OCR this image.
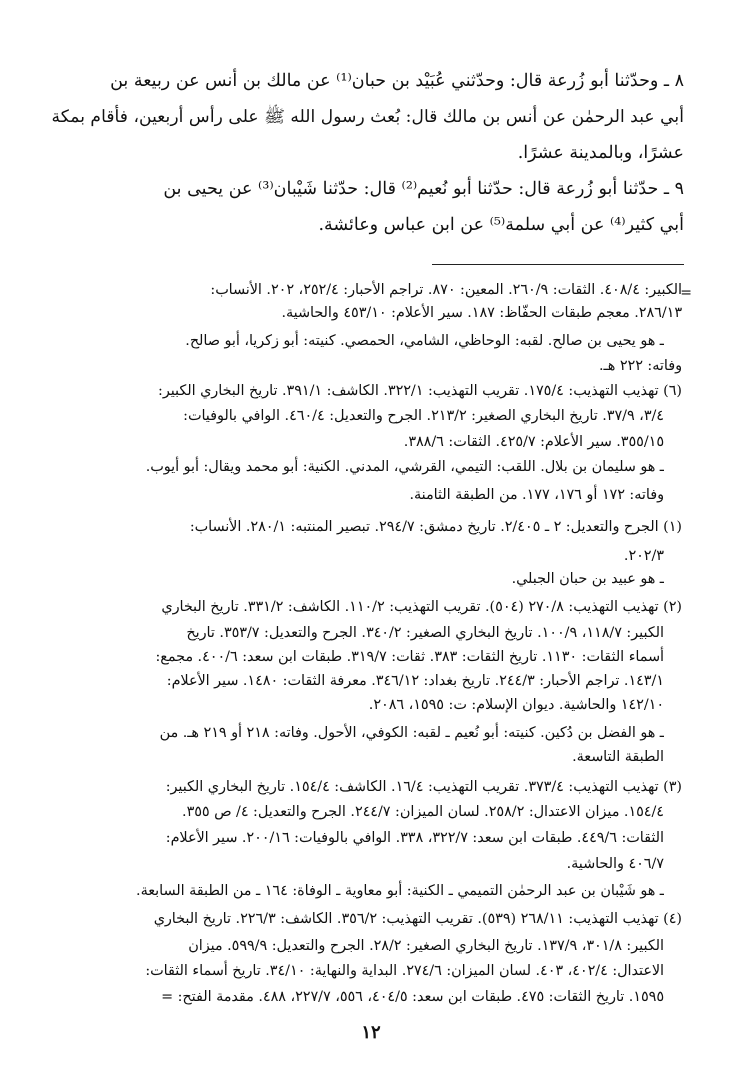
٨ ـ وحدّثنا أبو زُرعة قال: وحدّثني عُبَيْد بن حبان⁽¹⁾ عن مالك بن أنس عن ربيعة بن
أبي عبد الرحمٰن عن أنس بن مالك قال: بُعث رسول الله ﷺ على رأس أربعين، فأقام بمكة
عشرًا، وبالمدينة عشرًا.
٩ ـ حدّثنا أبو زُرعة قال: حدّثنا أبو نُعيم⁽²⁾ قال: حدّثنا شَيْبان⁽³⁾ عن يحيى بن
أبي كثير⁽⁴⁾ عن أبي سلمة⁽⁵⁾ عن ابن عباس وعائشة.
=
الكبير: ٤٠٨/٤. الثقات: ٢٦٠/٩. المعين: ٨٧٠. تراجم الأحبار: ٢٥٢/٤، ٢٠٢. الأنساب:
٢٨٦/١٣. معجم طبقات الحفّاظ: ١٨٧. سير الأعلام: ٤٥٣/١٠ والحاشية.
ـ هو يحيى بن صالح. لقبه: الوحاظي، الشامي، الحمصي. كنيته: أبو زكريا، أبو صالح.
وفاته: ٢٢٢ هـ.
(٦) تهذيب التهذيب: ١٧٥/٤. تقريب التهذيب: ٣٢٢/١. الكاشف: ٣٩١/١. تاريخ البخاري الكبير:
٣/٤، ٣٧/٩. تاريخ البخاري الصغير: ٢١٣/٢. الجرح والتعديل: ٤٦٠/٤. الوافي بالوفيات:
٣٥٥/١٥. سير الأعلام: ٤٢٥/٧. الثقات: ٣٨٨/٦.
ـ هو سليمان بن بلال. اللقب: التيمي، القرشي، المدني. الكنية: أبو محمد ويقال: أبو أيوب.
وفاته: ١٧٢ أو ١٧٦، ١٧٧. من الطبقة الثامنة.
(١) الجرح والتعديل: ٢ ـ ٢/٤٠٥. تاريخ دمشق: ٢٩٤/٧. تبصير المنتبه: ٢٨٠/١. الأنساب:
٢٠٢/٣.
ـ هو عبيد بن حبان الجبلي.
(٢) تهذيب التهذيب: ٢٧٠/٨ (٥٠٤). تقريب التهذيب: ١١٠/٢. الكاشف: ٣٣١/٢. تاريخ البخاري
الكبير: ١١٨/٧، ١٠٠/٩. تاريخ البخاري الصغير: ٣٤٠/٢. الجرح والتعديل: ٣٥٣/٧. تاريخ
أسماء الثقات: ١١٣٠. تاريخ الثقات: ٣٨٣. ثقات: ٣١٩/٧. طبقات ابن سعد: ٤٠٠/٦. مجمع:
١٤٣/١. تراجم الأحبار: ٢٤٤/٣. تاريخ بغداد: ٣٤٦/١٢. معرفة الثقات: ١٤٨٠. سير الأعلام:
١٤٢/١٠ والحاشية. ديوان الإسلام: ت: ١٥٩٥، ٢٠٨٦.
ـ هو الفضل بن دُكين. كنيته: أبو نُعيم ـ لقبه: الكوفي، الأحول. وفاته: ٢١٨ أو ٢١٩ هـ. من
الطبقة التاسعة.
(٣) تهذيب التهذيب: ٣٧٣/٤. تقريب التهذيب: ١٦/٤. الكاشف: ١٥٤/٤. تاريخ البخاري الكبير:
١٥٤/٤. ميزان الاعتدال: ٢٥٨/٢. لسان الميزان: ٢٤٤/٧. الجرح والتعديل: ٤/ ص ٣٥٥.
الثقات: ٤٤٩/٦. طبقات ابن سعد: ٣٢٢/٧، ٣٣٨. الوافي بالوفيات: ٢٠٠/١٦. سير الأعلام:
٤٠٦/٧ والحاشية.
ـ هو شَيْبان بن عبد الرحمٰن التميمي ـ الكنية: أبو معاوية ـ الوفاة: ١٦٤ ـ من الطبقة السابعة.
(٤) تهذيب التهذيب: ٢٦٨/١١ (٥٣٩). تقريب التهذيب: ٣٥٦/٢. الكاشف: ٢٢٦/٣. تاريخ البخاري
الكبير: ٣٠١/٨، ١٣٧/٩. تاريخ البخاري الصغير: ٢٨/٢. الجرح والتعديل: ٥٩٩/٩. ميزان
الاعتدال: ٤٠٢/٤، ٤٠٣. لسان الميزان: ٢٧٤/٦. البداية والنهاية: ٣٤/١٠. تاريخ أسماء الثقات:
١٥٩٥. تاريخ الثقات: ٤٧٥. طبقات ابن سعد: ٤٠٤/٥، ٥٥٦، ٢٢٧/٧، ٤٨٨. مقدمة الفتح: =
١٢
